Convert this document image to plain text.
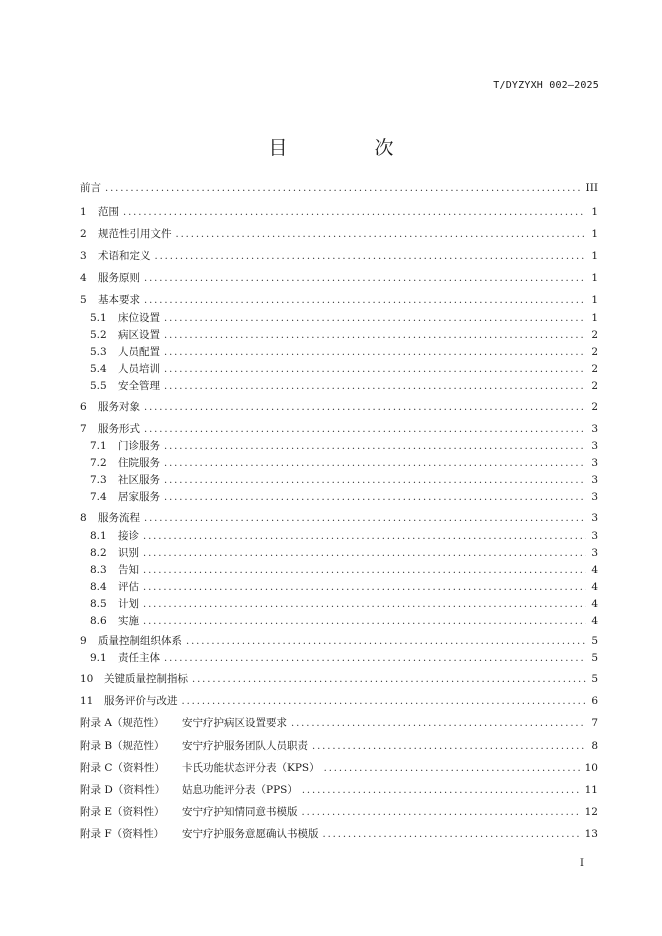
T/DYZYXH 002—2025
目　次
前言 .....	III
1	范围 .....	1
2	规范性引用文件 .....	1
3	术语和定义 .....	1
4	服务原则 .....	1
5	基本要求 .....	1
5.1	床位设置 .....	1
5.2	病区设置 .....	2
5.3	人员配置 .....	2
5.4	人员培训 .....	2
5.5	安全管理 .....	2
6	服务对象 .....	2
7	服务形式 .....	3
7.1	门诊服务 .....	3
7.2	住院服务 .....	3
7.3	社区服务 .....	3
7.4	居家服务 .....	3
8	服务流程 .....	3
8.1	接诊 .....	3
8.2	识别 .....	3
8.3	告知 .....	4
8.4	评估 .....	4
8.5	计划 .....	4
8.6	实施 .....	4
9	质量控制组织体系 .....	5
9.1	责任主体 .....	5
10	关键质量控制指标 .....	5
11	服务评价与改进 .....	6
附录 A（规范性）	安宁疗护病区设置要求 .....	7
附录 B（规范性）	安宁疗护服务团队人员职责 .....	8
附录 C（资料性）	卡氏功能状态评分表（KPS） .....	10
附录 D（资料性）	姑息功能评分表（PPS） .....	11
附录 E（资料性）	安宁疗护知情同意书模版 .....	12
附录 F（资料性）	安宁疗护服务意愿确认书模版 .....	13
I
